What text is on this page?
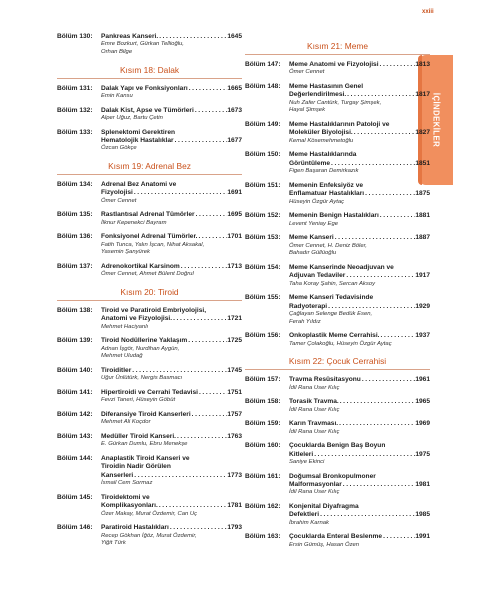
xxiii
İÇİNDEKİLER
Bölüm 130:	Pankreas Kanseri. .....	1645
Emre Bozkurt, Gürkan Tellioğlu,
Orhan Bilge
Kısım 18: Dalak
Bölüm 131:	Dalak Yapı ve Fonksiyonları .....	1665
Emin Kansu
Bölüm 132:	Dalak Kist, Apse ve Tümörleri .....	1673
Alper Uğuz, Bartu Çetin
Bölüm 133:	Splenektomi Gerektiren
Hematolojik Hastalıklar .....	1677
Özcan Gökçe
Kısım 19: Adrenal Bez
Bölüm 134:	Adrenal Bez Anatomi ve
Fizyolojisi .....	1691
Ömer Cennet
Bölüm 135:	Rastlantısal Adrenal Tümörler .....	1695
İlknur Kepenekci Bayram
Bölüm 136:	Fonksiyonel Adrenal Tümörler. .....	1701
Fatih Tunca, Yalın İşcan, Nihat Aksakal,
Yasemin Şanyürek
Bölüm 137:	Adrenokortikal Karsinom .....	1713
Ömer Cennet, Ahmet Bülent Doğrul
Kısım 20: Tiroid
Bölüm 138:	Tiroid ve Paratiroid Embriyolojisi,
Anatomi ve Fizyolojisi. .....	1721
Mehmet Haciyanlı
Bölüm 139:	Tiroid Nodüllerine Yaklaşım .....	1725
Adnan İşgör, Nurdihan Aygün,
Mehmet Uludağ
Bölüm 140:	Tiroiditler .....	1745
Uğur Ünlütürk, Nergis Basmacı
Bölüm 141:	Hipertiroidi ve Cerrahi Tedavisi .....	1751
Fevzi Taneri, Hüseyin Göbüt
Bölüm 142:	Diferansiye Tiroid Kanserleri .....	1757
Mehmet Ali Koçdor
Bölüm 143:	Medüller Tiroid Kanseri. .....	1763
E. Gürkan Dumlu, Ebru Menekşe
Bölüm 144:	Anaplastik Tiroid Kanseri ve
Tiroidin Nadir Görülen
Kanserleri .....	1773
İsmail Cem Sormaz
Bölüm 145:	Tiroidektomi ve
Komplikasyonları. .....	1781
Özer Makay, Murat Özdemir, Can Uç
Bölüm 146:	Paratiroid Hastalıkları .....	1793
Recep Gökhan İğöz, Murat Özdemir,
Yiğit Türk
Kısım 21: Meme
Bölüm 147:	Meme Anatomi ve Fizyolojisi .....	1813
Ömer Cennet
Bölüm 148:	Meme Hastasının Genel
Değerlendirilmesi. .....	1817
Nuh Zafer Cantürk, Turgay Şimşek,
Hayal Şimşek
Bölüm 149:	Meme Hastalıklarının Patoloji ve
Moleküler Biyolojisi. .....	1827
Kemal Kösemehmetoğlu
Bölüm 150:	Meme Hastalıklarında
Görüntüleme .....	1851
Figen Başaran Demirkazık
Bölüm 151:	Memenin Enfeksiyöz ve
Enflamatuar Hastalıkları .....	1875
Hüseyin Özgür Aytaç
Bölüm 152:	Memenin Benign Hastalıkları .....	1881
Levent Yeniay Ege
Bölüm 153:	Meme Kanseri .....	1887
Ömer Cennet, H. Deniz Böler,
Bahadır Güllüoğlu
Bölüm 154:	Meme Kanserinde Neoadjuvan ve
Adjuvan Tedaviler .....	1917
Taha Koray Şahin, Sercan Aksoy
Bölüm 155:	Meme Kanseri Tedavisinde
Radyoterapi .....	1929
Çağlayan Selenge Bedük Esen,
Ferah Yıldız
Bölüm 156:	Onkoplastik Meme Cerrahisi. .....	1937
Tamer Çolakoğlu, Hüseyin Özgür Aytaç
Kısım 22: Çocuk Cerrahisi
Bölüm 157:	Travma Resüsitasyonu .....	1961
İdil Rana User Kılıç
Bölüm 158:	Torasik Travma. .....	1965
İdil Rana User Kılıç
Bölüm 159:	Karın Travması. .....	1969
İdil Rana User Kılıç
Bölüm 160:	Çocuklarda Benign Baş Boyun
Kitleleri .....	1975
Saniye Ekinci
Bölüm 161:	Doğumsal Bronkopulmoner
Malformasyonlar .....	1981
İdil Rana User Kılıç
Bölüm 162:	Konjenital Diyafragma
Defektleri .....	1985
İbrahim Karnak
Bölüm 163:	Çocuklarda Enteral Beslenme .....	1991
Ersin Gümüş, Hasan Özen
